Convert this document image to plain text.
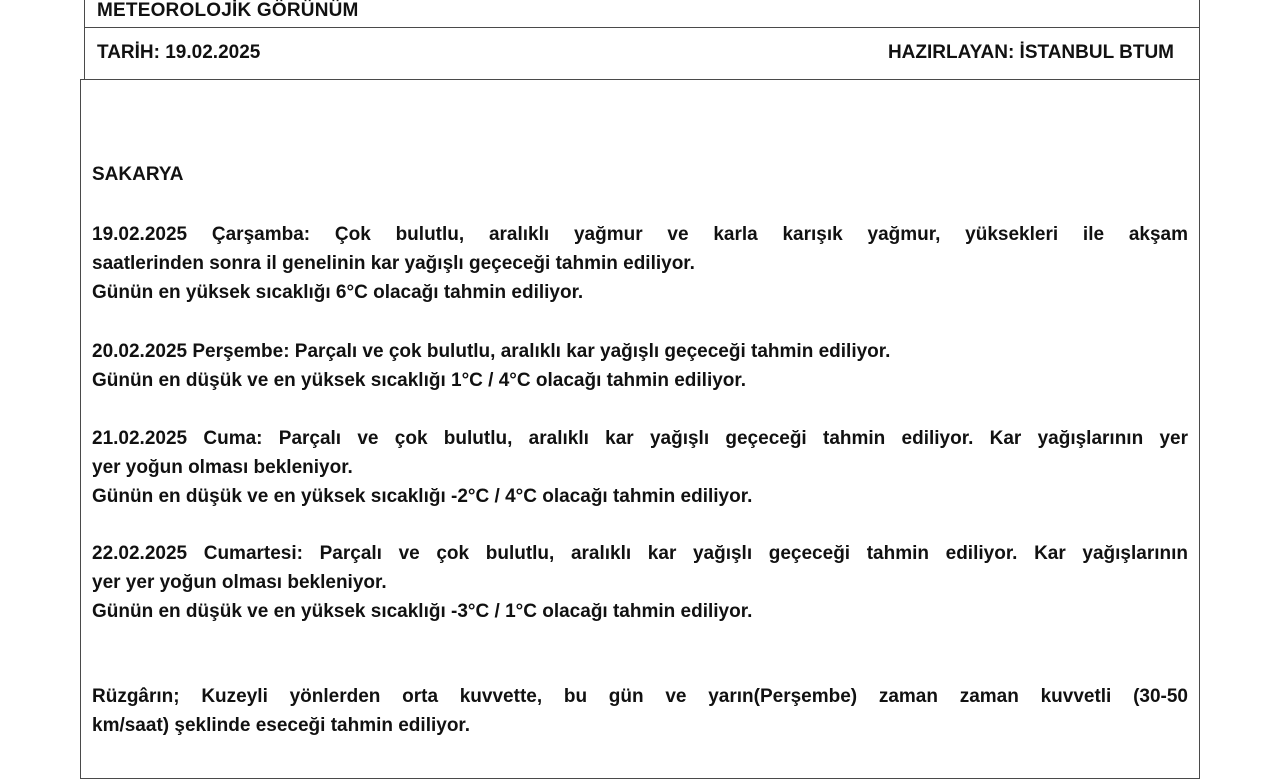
METEOROLOJİK GÖRÜNÜM
TARİH: 19.02.2025	HAZIRLAYAN: İSTANBUL BTUM
SAKARYA
19.02.2025 Çarşamba: Çok bulutlu, aralıklı yağmur ve karla karışık yağmur, yüksekleri ile akşam
saatlerinden sonra il genelinin kar yağışlı geçeceği tahmin ediliyor.
Günün en yüksek sıcaklığı 6°C olacağı tahmin ediliyor.
20.02.2025 Perşembe: Parçalı ve çok bulutlu, aralıklı kar yağışlı geçeceği tahmin ediliyor.
Günün en düşük ve en yüksek sıcaklığı 1°C / 4°C olacağı tahmin ediliyor.
21.02.2025 Cuma: Parçalı ve çok bulutlu, aralıklı kar yağışlı geçeceği tahmin ediliyor. Kar yağışlarının yer
yer yoğun olması bekleniyor.
Günün en düşük ve en yüksek sıcaklığı -2°C / 4°C olacağı tahmin ediliyor.
22.02.2025 Cumartesi: Parçalı ve çok bulutlu, aralıklı kar yağışlı geçeceği tahmin ediliyor. Kar yağışlarının
yer yer yoğun olması bekleniyor.
Günün en düşük ve en yüksek sıcaklığı -3°C / 1°C olacağı tahmin ediliyor.
Rüzgârın; Kuzeyli yönlerden orta kuvvette, bu gün ve yarın(Perşembe) zaman zaman kuvvetli (30-50
km/saat) şeklinde eseceği tahmin ediliyor.
